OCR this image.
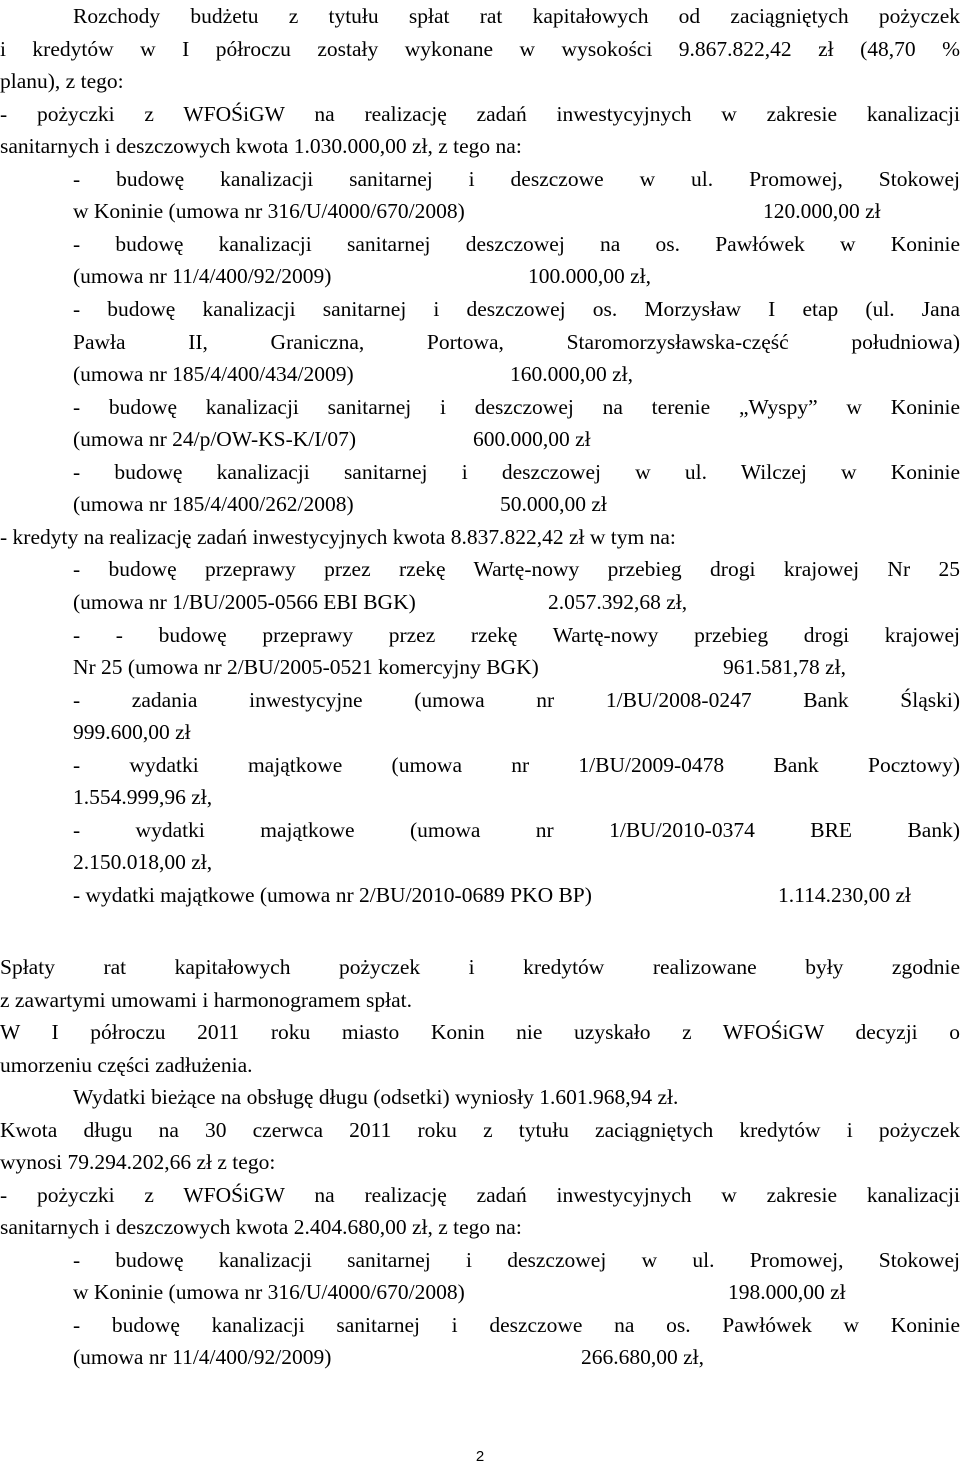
Rozchody budżetu z tytułu spłat rat kapitałowych od zaciągniętych pożyczek
i kredytów w I półroczu zostały wykonane w wysokości 9.867.822,42 zł (48,70 %
planu), z tego:
- pożyczki z WFOŚiGW na realizację zadań inwestycyjnych w zakresie kanalizacji
sanitarnych i deszczowych kwota 1.030.000,00 zł, z tego na:
- budowę kanalizacji sanitarnej i deszczowe w ul. Promowej, Stokowej
w Koninie (umowa nr 316/U/4000/670/2008)	120.000,00 zł
- budowę kanalizacji sanitarnej deszczowej na os. Pawłówek w Koninie
(umowa nr 11/4/400/92/2009)	100.000,00 zł,
- budowę kanalizacji sanitarnej i deszczowej os. Morzysław I etap (ul. Jana
Pawła II, Graniczna, Portowa, Staromorzysławska-część południowa)
(umowa nr 185/4/400/434/2009)	160.000,00 zł,
- budowę kanalizacji sanitarnej i deszczowej na terenie „Wyspy” w Koninie
(umowa nr 24/p/OW-KS-K/I/07)	600.000,00 zł
- budowę kanalizacji sanitarnej i deszczowej w ul. Wilczej w Koninie
(umowa nr 185/4/400/262/2008)	50.000,00 zł
- kredyty na realizację zadań inwestycyjnych kwota 8.837.822,42 zł w tym na:
- budowę przeprawy przez rzekę Wartę-nowy przebieg drogi krajowej Nr 25
(umowa nr 1/BU/2005-0566 EBI BGK)	2.057.392,68 zł,
- - budowę przeprawy przez rzekę Wartę-nowy przebieg drogi krajowej
Nr 25 (umowa nr 2/BU/2005-0521 komercyjny BGK)	961.581,78 zł,
- zadania inwestycyjne (umowa nr 1/BU/2008-0247 Bank Śląski)
999.600,00 zł
- wydatki majątkowe (umowa nr 1/BU/2009-0478 Bank Pocztowy)
1.554.999,96 zł,
- wydatki majątkowe (umowa nr 1/BU/2010-0374 BRE Bank)
2.150.018,00 zł,
- wydatki majątkowe (umowa nr 2/BU/2010-0689 PKO BP)	1.114.230,00 zł
Spłaty rat kapitałowych pożyczek i kredytów realizowane były zgodnie
z zawartymi umowami i harmonogramem spłat.
W I półroczu 2011 roku miasto Konin nie uzyskało z WFOŚiGW decyzji o
umorzeniu części zadłużenia.
Wydatki bieżące na obsługę długu (odsetki) wyniosły 1.601.968,94 zł.
Kwota długu na 30 czerwca 2011 roku z tytułu zaciągniętych kredytów i pożyczek
wynosi 79.294.202,66 zł z tego:
- pożyczki z WFOŚiGW na realizację zadań inwestycyjnych w zakresie kanalizacji
sanitarnych i deszczowych kwota 2.404.680,00 zł, z tego na:
- budowę kanalizacji sanitarnej i deszczowej w ul. Promowej, Stokowej
w Koninie (umowa nr 316/U/4000/670/2008)	198.000,00 zł
- budowę kanalizacji sanitarnej i deszczowe na os. Pawłówek w Koninie
(umowa nr 11/4/400/92/2009)	266.680,00 zł,
2
